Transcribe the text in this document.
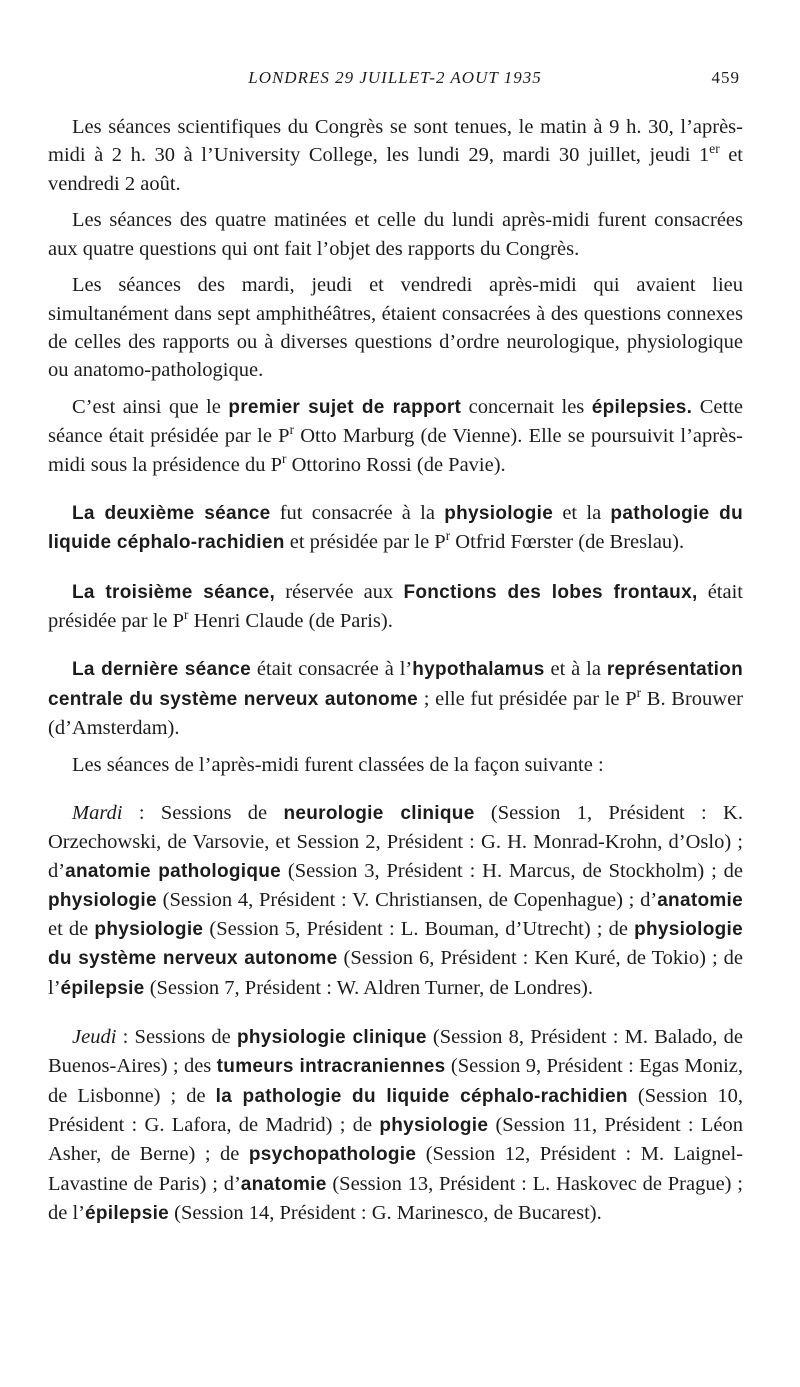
LONDRES 29 JUILLET-2 AOUT 1935	459

Les séances scientifiques du Congrès se sont tenues, le matin à 9 h. 30, l’après-midi à 2 h. 30 à l’University College, les lundi 29, mardi 30 juillet, jeudi 1er et vendredi 2 août.

Les séances des quatre matinées et celle du lundi après-midi furent consacrées aux quatre questions qui ont fait l’objet des rapports du Congrès.

Les séances des mardi, jeudi et vendredi après-midi qui avaient lieu simultanément dans sept amphithéâtres, étaient consacrées à des questions connexes de celles des rapports ou à diverses questions d’ordre neurologique, physiologique ou anatomo-pathologique.

C’est ainsi que le premier sujet de rapport concernait les épilepsies. Cette séance était présidée par le $P^r$ Otto Marburg (de Vienne). Elle se poursuivit l’après-midi sous la présidence du $P^r$ Ottorino Rossi (de Pavie).

La deuxième séance fut consacrée à la physiologie et la pathologie du liquide céphalo-rachidien et présidée par le $P^r$ Otfrid Fœrster (de Breslau).

La troisième séance, réservée aux Fonctions des lobes frontaux, était présidée par le $P^r$ Henri Claude (de Paris).

La dernière séance était consacrée à l’hypothalamus et à la représentation centrale du système nerveux autonome ; elle fut présidée par le $P^r$ B. Brouwer (d’Amsterdam).

Les séances de l’après-midi furent classées de la façon suivante :

Mardi : Sessions de neurologie clinique (Session 1, Président : K. Orzechowski, de Varsovie, et Session 2, Président : G. H. Monrad-Krohn, d’Oslo) ; d’anatomie pathologique (Session 3, Président : H. Marcus, de Stockholm) ; de physiologie (Session 4, Président : V. Christiansen, de Copenhague) ; d’anatomie et de physiologie (Session 5, Président : L. Bouman, d’Utrecht) ; de physiologie du système nerveux autonome (Session 6, Président : Ken Kuré, de Tokio) ; de l’épilepsie (Session 7, Président : W. Aldren Turner, de Londres).

Jeudi : Sessions de physiologie clinique (Session 8, Président : M. Balado, de Buenos-Aires) ; des tumeurs intracraniennes (Session 9, Président : Egas Moniz, de Lisbonne) ; de la pathologie du liquide céphalo-rachidien (Session 10, Président : G. Lafora, de Madrid) ; de physiologie (Session 11, Président : Léon Asher, de Berne) ; de psychopathologie (Session 12, Président : M. Laignel-Lavastine de Paris) ; d’anatomie (Session 13, Président : L. Haskovec de Prague) ; de l’épilepsie (Session 14, Président : G. Marinesco, de Bucarest).
